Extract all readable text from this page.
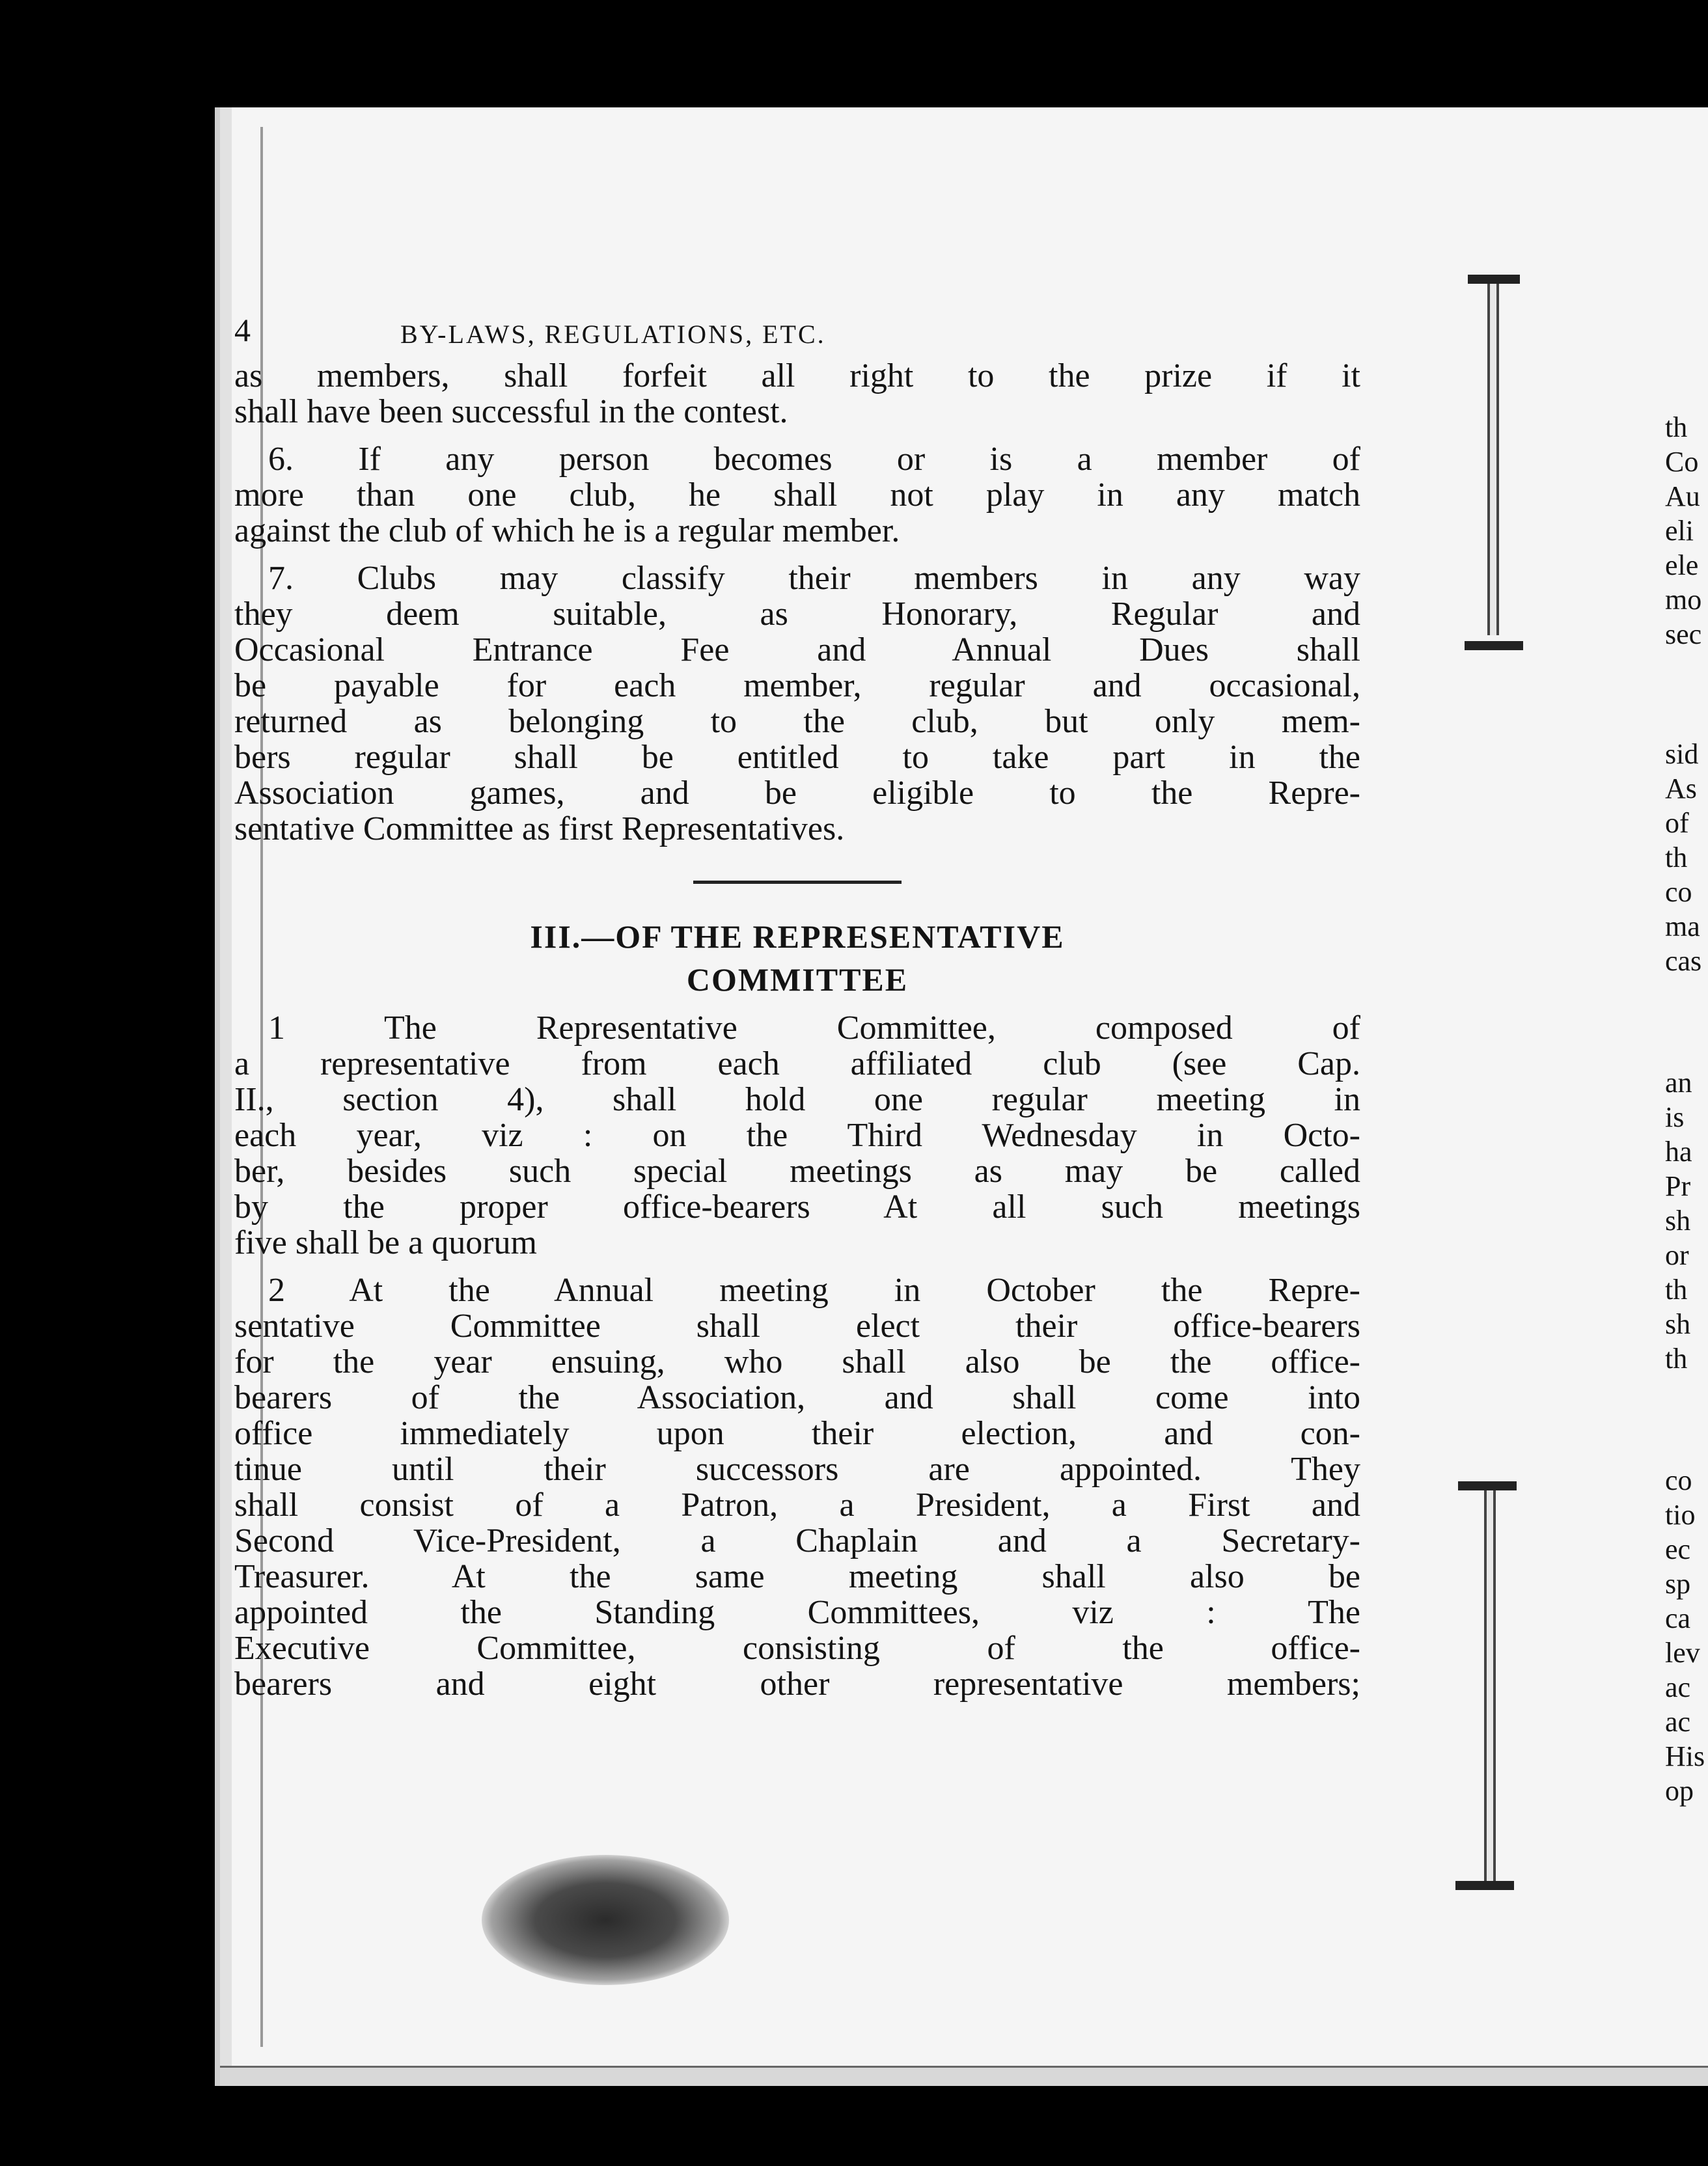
4	BY-LAWS, REGULATIONS, ETC.

as members, shall forfeit all right to the prize if it

shall have been successful in the contest.

6. If any person becomes or is a member of

more than one club, he shall not play in any match

against the club of which he is a regular member.

7. Clubs may classify their members in any way

they deem suitable, as Honorary, Regular and

Occasional Entrance Fee and Annual Dues shall

be payable for each member, regular and occasional,

returned as belonging to the club, but only mem-

bers regular shall be entitled to take part in the

Association games, and be eligible to the Repre-

sentative Committee as first Representatives.

III.—OF THE REPRESENTATIVE
COMMITTEE

1 The Representative Committee, composed of

a representative from each affiliated club (see Cap.

II., section 4), shall hold one regular meeting in

each year, viz : on the Third Wednesday in Octo-

ber, besides such special meetings as may be called

by the proper office-bearers At all such meetings

five shall be a quorum

2 At the Annual meeting in October the Repre-

sentative Committee shall elect their office-bearers

for the year ensuing, who shall also be the office-

bearers of the Association, and shall come into

office immediately upon their election, and con-

tinue until their successors are appointed. They

shall consist of a Patron, a President, a First and

Second Vice-President, a Chaplain and a Secretary-

Treasurer. At the same meeting shall also be

appointed the Standing Committees, viz : The

Executive Committee, consisting of the office-

bearers and eight other representative members;

th
Co
Au
eli
ele
mo
sec
sid
As
of
th
co
ma
cas
an
is
ha
Pr
sh
or
th
sh
th
co
tio
ec
sp
ca
lev
ac
ac
His
op
